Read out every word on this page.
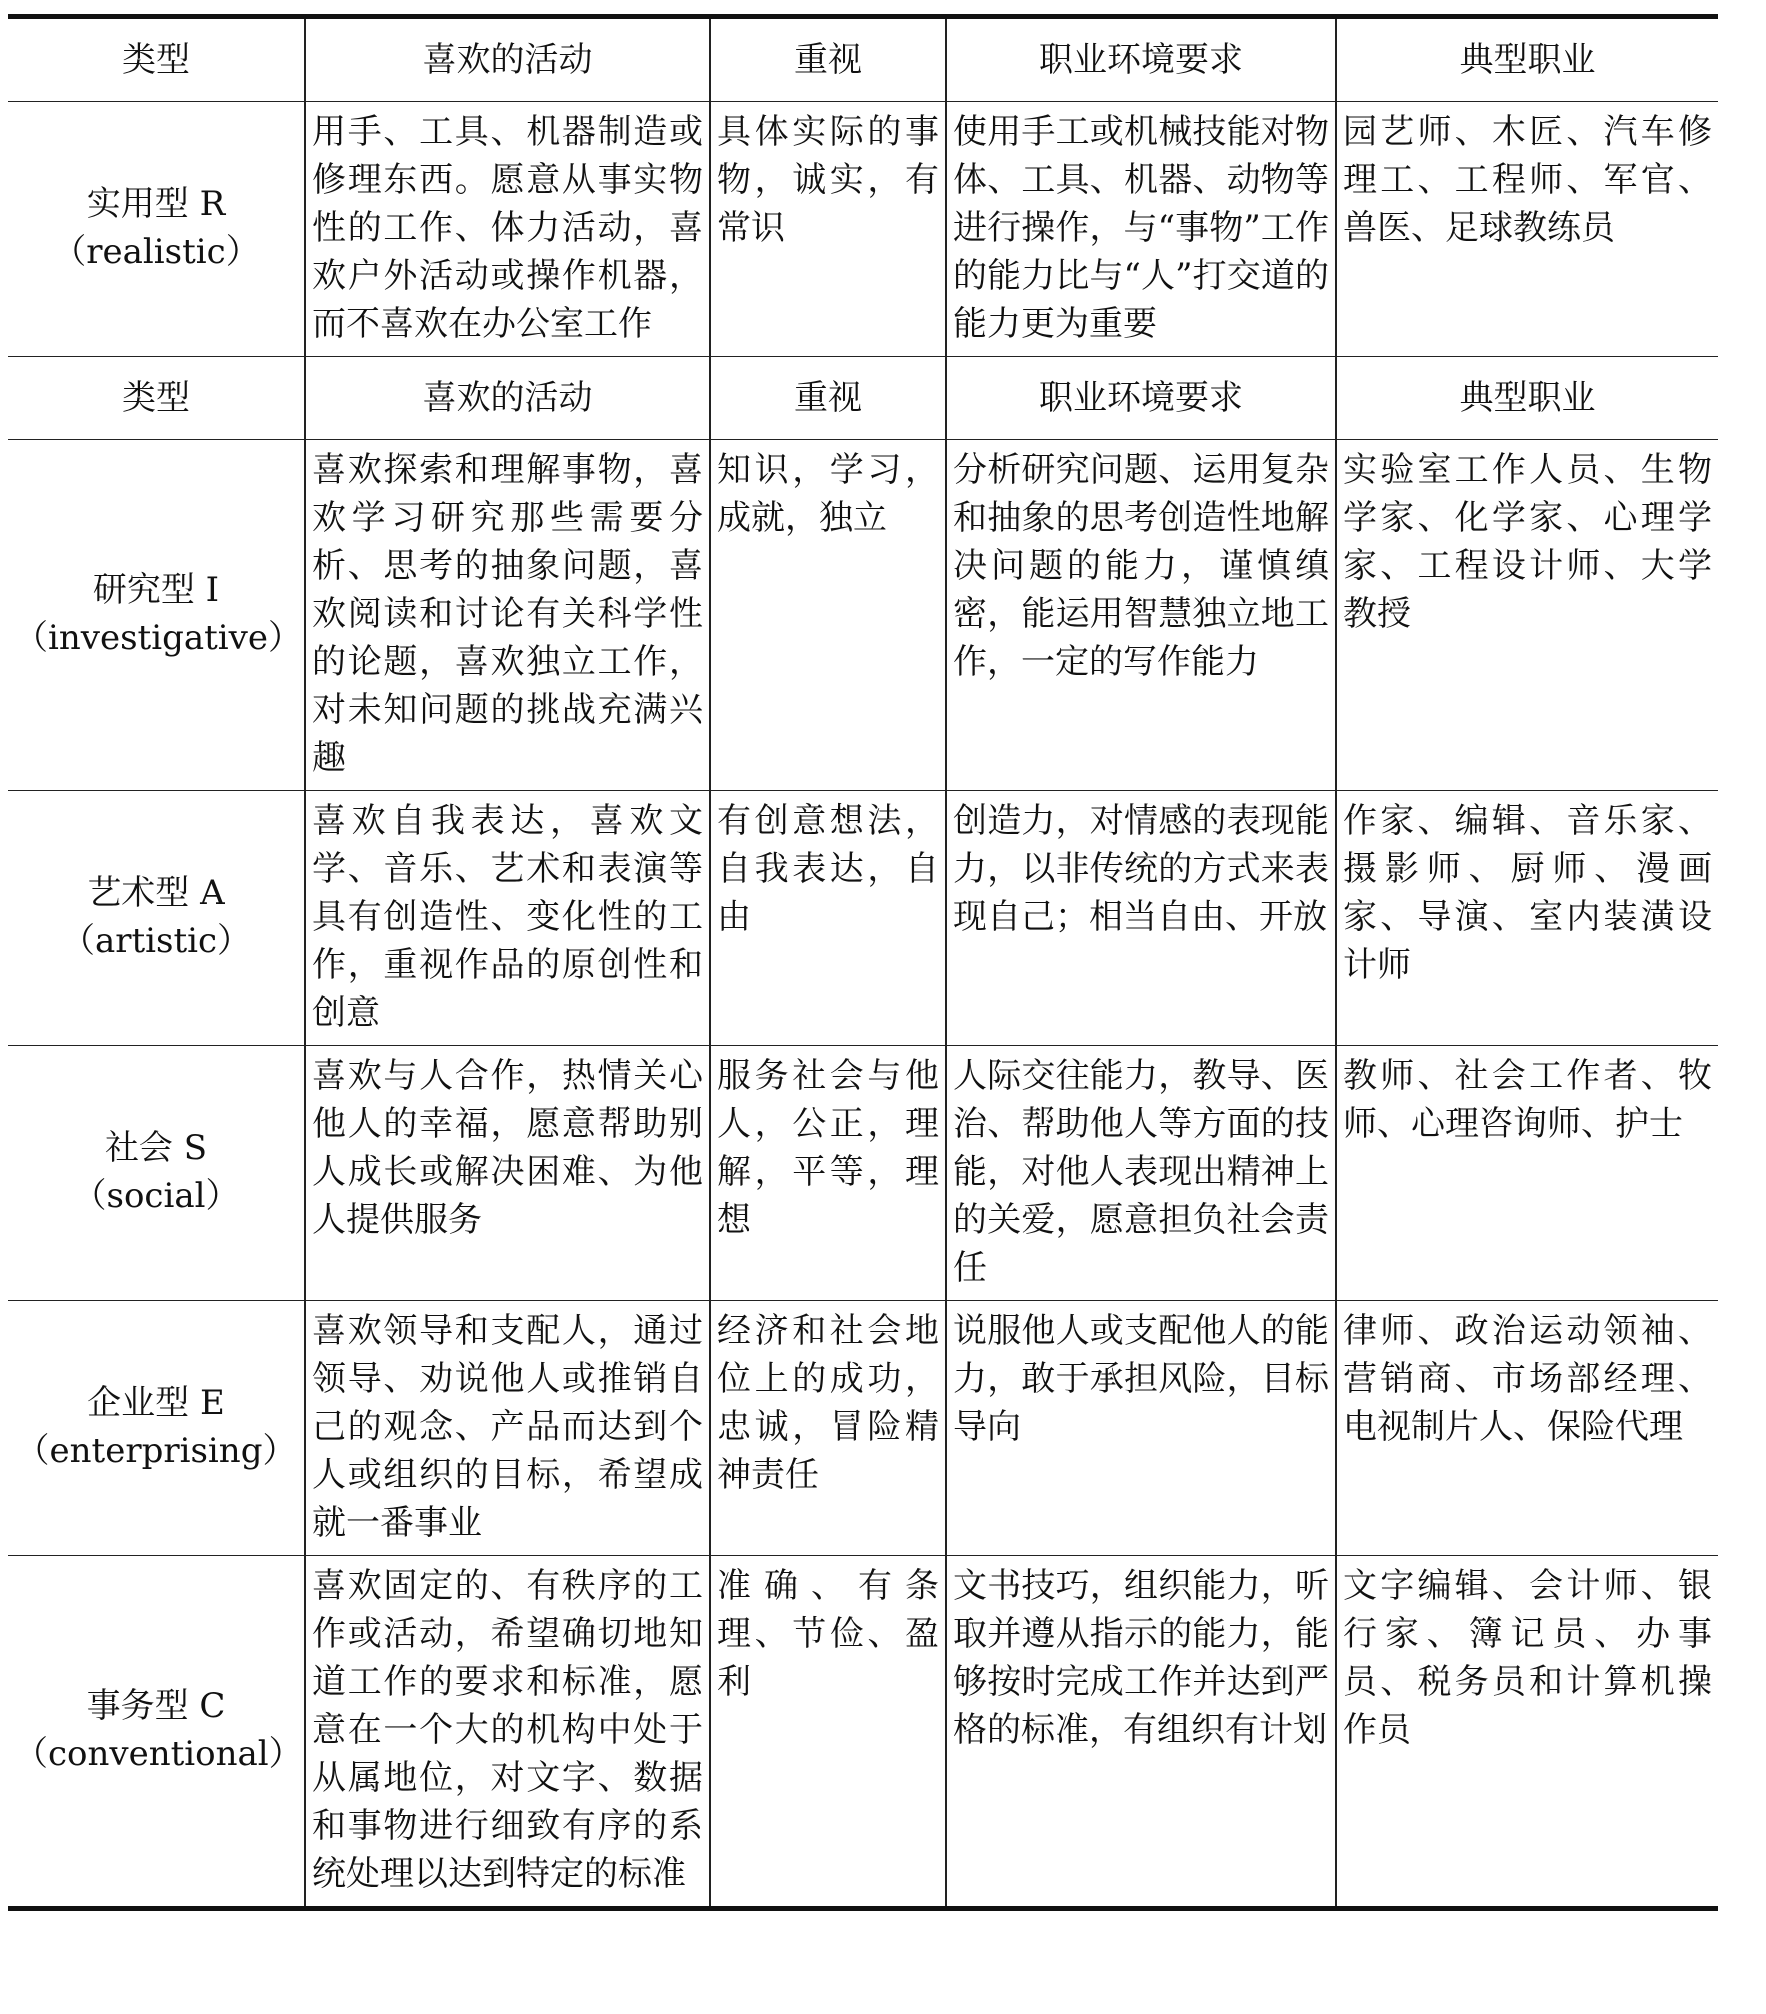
类型	喜欢的活动	重视	职业环境要求	典型职业

实用型 R
（realistic）	用手、工具、机器制造或修理东西。愿意从事实物性的工作、体力活动，喜欢户外活动或操作机器，而不喜欢在办公室工作	具体实际的事物，诚实，有常识	使用手工或机械技能对物体、工具、机器、动物等进行操作，与“事物”工作的能力比与“人”打交道的能力更为重要	园艺师、木匠、汽车修理工、工程师、军官、兽医、足球教练员
类型	喜欢的活动	重视	职业环境要求	典型职业

研究型 I
（investigative）	喜欢探索和理解事物，喜欢学习研究那些需要分析、思考的抽象问题，喜欢阅读和讨论有关科学性的论题，喜欢独立工作，对未知问题的挑战充满兴趣	知识，学习，成就，独立	分析研究问题、运用复杂和抽象的思考创造性地解决问题的能力，谨慎缜密，能运用智慧独立地工作，一定的写作能力	实验室工作人员、生物学家、化学家、心理学家、工程设计师、大学教授

艺术型 A
（artistic）	喜欢自我表达，喜欢文学、音乐、艺术和表演等具有创造性、变化性的工作，重视作品的原创性和创意	有创意想法，自我表达，自由	创造力，对情感的表现能力，以非传统的方式来表现自己；相当自由、开放	作家、编辑、音乐家、摄影师、厨师、漫画家、导演、室内装潢设计师

社会 S
（social）	喜欢与人合作，热情关心他人的幸福，愿意帮助别人成长或解决困难、为他人提供服务	服务社会与他人，公正，理解，平等，理想	人际交往能力，教导、医治、帮助他人等方面的技能，对他人表现出精神上的关爱，愿意担负社会责任	教师、社会工作者、牧师、心理咨询师、护士

企业型 E
（enterprising）	喜欢领导和支配人，通过领导、劝说他人或推销自己的观念、产品而达到个人或组织的目标，希望成就一番事业	经济和社会地位上的成功，忠诚，冒险精神责任	说服他人或支配他人的能力，敢于承担风险，目标导向	律师、政治运动领袖、营销商、市场部经理、电视制片人、保险代理

事务型 C
（conventional）	喜欢固定的、有秩序的工作或活动，希望确切地知道工作的要求和标准，愿意在一个大的机构中处于从属地位，对文字、数据和事物进行细致有序的系统处理以达到特定的标准	准确、有条理、节俭、盈利	文书技巧，组织能力，听取并遵从指示的能力，能够按时完成工作并达到严格的标准，有组织有计划	文字编辑、会计师、银行家、簿记员、办事员、税务员和计算机操作员
